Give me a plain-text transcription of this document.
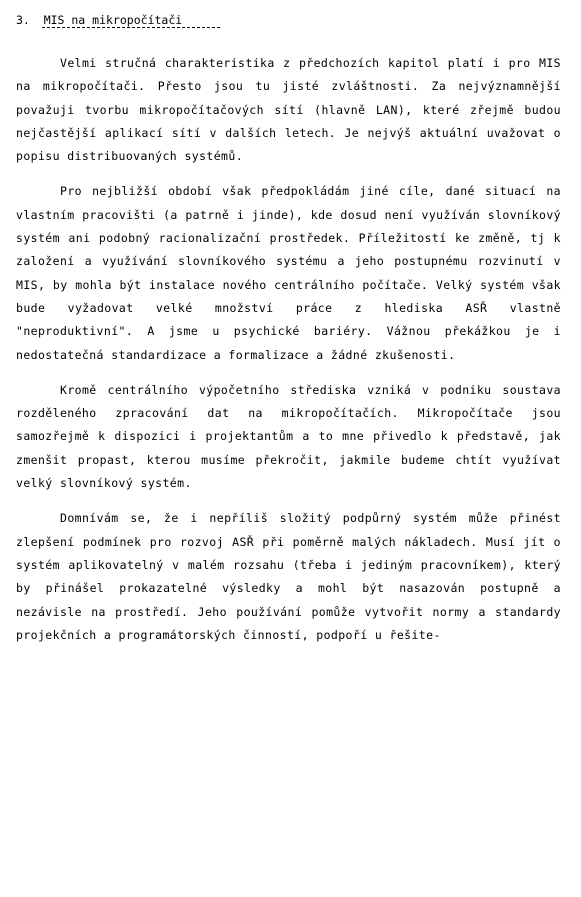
3.  MIS na mikropočítači

Velmi stručná charakteristika z předchozích kapitol platí i pro MIS na mikropočítači. Přesto jsou tu jisté zvláštnosti. Za nejvýznamnější považuji tvorbu mikropočítačových sítí (hlavně LAN), které zřejmě budou nejčastější aplikací sítí v dalších letech. Je nejvýš aktuální uvažovat o popisu distribuovaných systémů.

Pro nejbližší období však předpokládám jiné cíle, dané situací na vlastním pracovišti (a patrně i jinde), kde dosud není využíván slovníkový systém ani podobný racionalizační prostředek. Příležitostí ke změně, tj k založení a využívání slovníkového systému a jeho postupnému rozvinutí v MIS, by mohla být instalace nového centrálního počítače. Velký systém však bude vyžadovat velké množství práce z hlediska ASŘ vlastně "neproduktivní". A jsme u psychické bariéry. Vážnou překážkou je i nedostatečná standardizace a formalizace a žádné zkušenosti.

Kromě centrálního výpočetního střediska vzniká v podniku soustava rozděleného zpracování dat na mikropočítačích. Mikropočítače jsou samozřejmě k dispozici i projektantům a to mne přivedlo k představě, jak zmenšit propast, kterou musíme překročit, jakmile budeme chtít využívat velký slovníkový systém.

Domnívám se, že i nepříliš složitý podpůrný systém může přinést zlepšení podmínek pro rozvoj ASŘ při poměrně malých nákladech. Musí jít o systém aplikovatelný v malém rozsahu (třeba i jediným pracovníkem), který by přinášel prokazatelné výsledky a mohl být nasazován postupně a nezávisle na prostředí. Jeho používání pomůže vytvořit normy a standardy projekčních a programátorských činností, podpoří u řešite-
